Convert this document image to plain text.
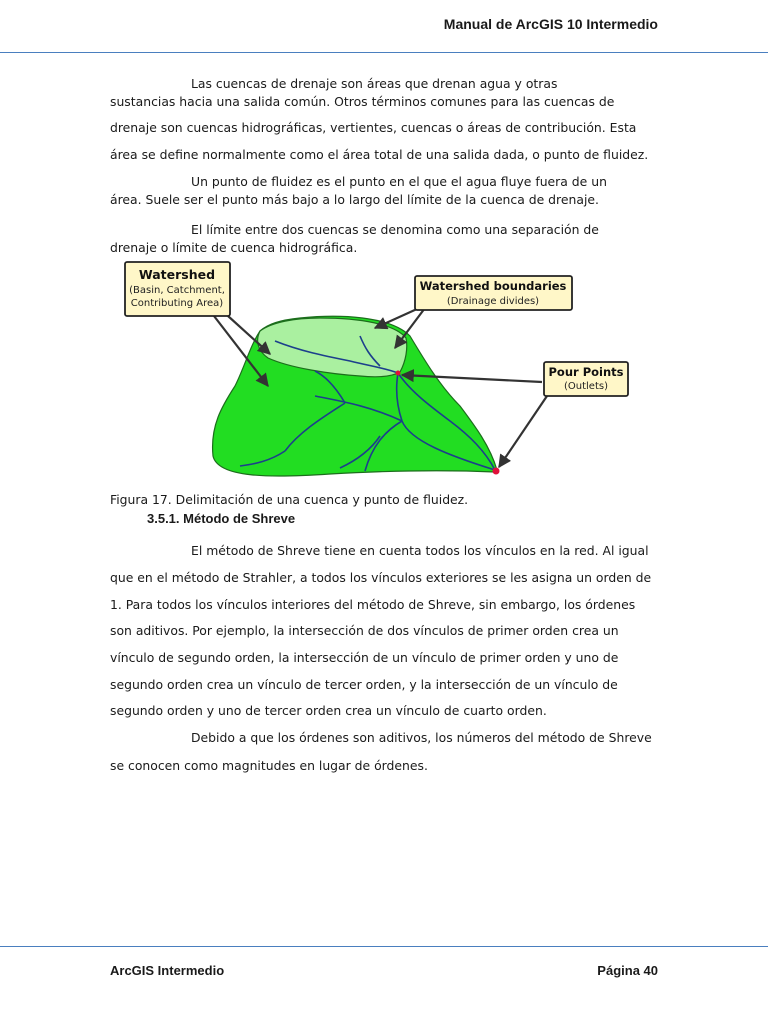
Manual de ArcGIS 10 Intermedio
Las cuencas de drenaje son áreas que drenan agua y otras
sustancias hacia una salida común. Otros términos comunes para las cuencas de
drenaje son cuencas hidrográficas, vertientes, cuencas o áreas de contribución. Esta
área se define normalmente como el área total de una salida dada, o punto de fluidez.
Un punto de fluidez es el punto en el que el agua fluye fuera de un
área. Suele ser el punto más bajo a lo largo del límite de la cuenca de drenaje.
El límite entre dos cuencas se denomina como una separación de
drenaje o límite de cuenca hidrográfica.
Watershed
(Basin, Catchment,
Contributing Area)
Watershed boundaries
(Drainage divides)
Pour Points
(Outlets)
Figura 17. Delimitación de una cuenca y punto de fluidez.
3.5.1. Método de Shreve
El método de Shreve tiene en cuenta todos los vínculos en la red. Al igual
que en el método de Strahler, a todos los vínculos exteriores se les asigna un orden de
1. Para todos los vínculos interiores del método de Shreve, sin embargo, los órdenes
son aditivos. Por ejemplo, la intersección de dos vínculos de primer orden crea un
vínculo de segundo orden, la intersección de un vínculo de primer orden y uno de
segundo orden crea un vínculo de tercer orden, y la intersección de un vínculo de
segundo orden y uno de tercer orden crea un vínculo de cuarto orden.
Debido a que los órdenes son aditivos, los números del método de Shreve
se conocen como magnitudes en lugar de órdenes.
ArcGIS Intermedio	Página 40
